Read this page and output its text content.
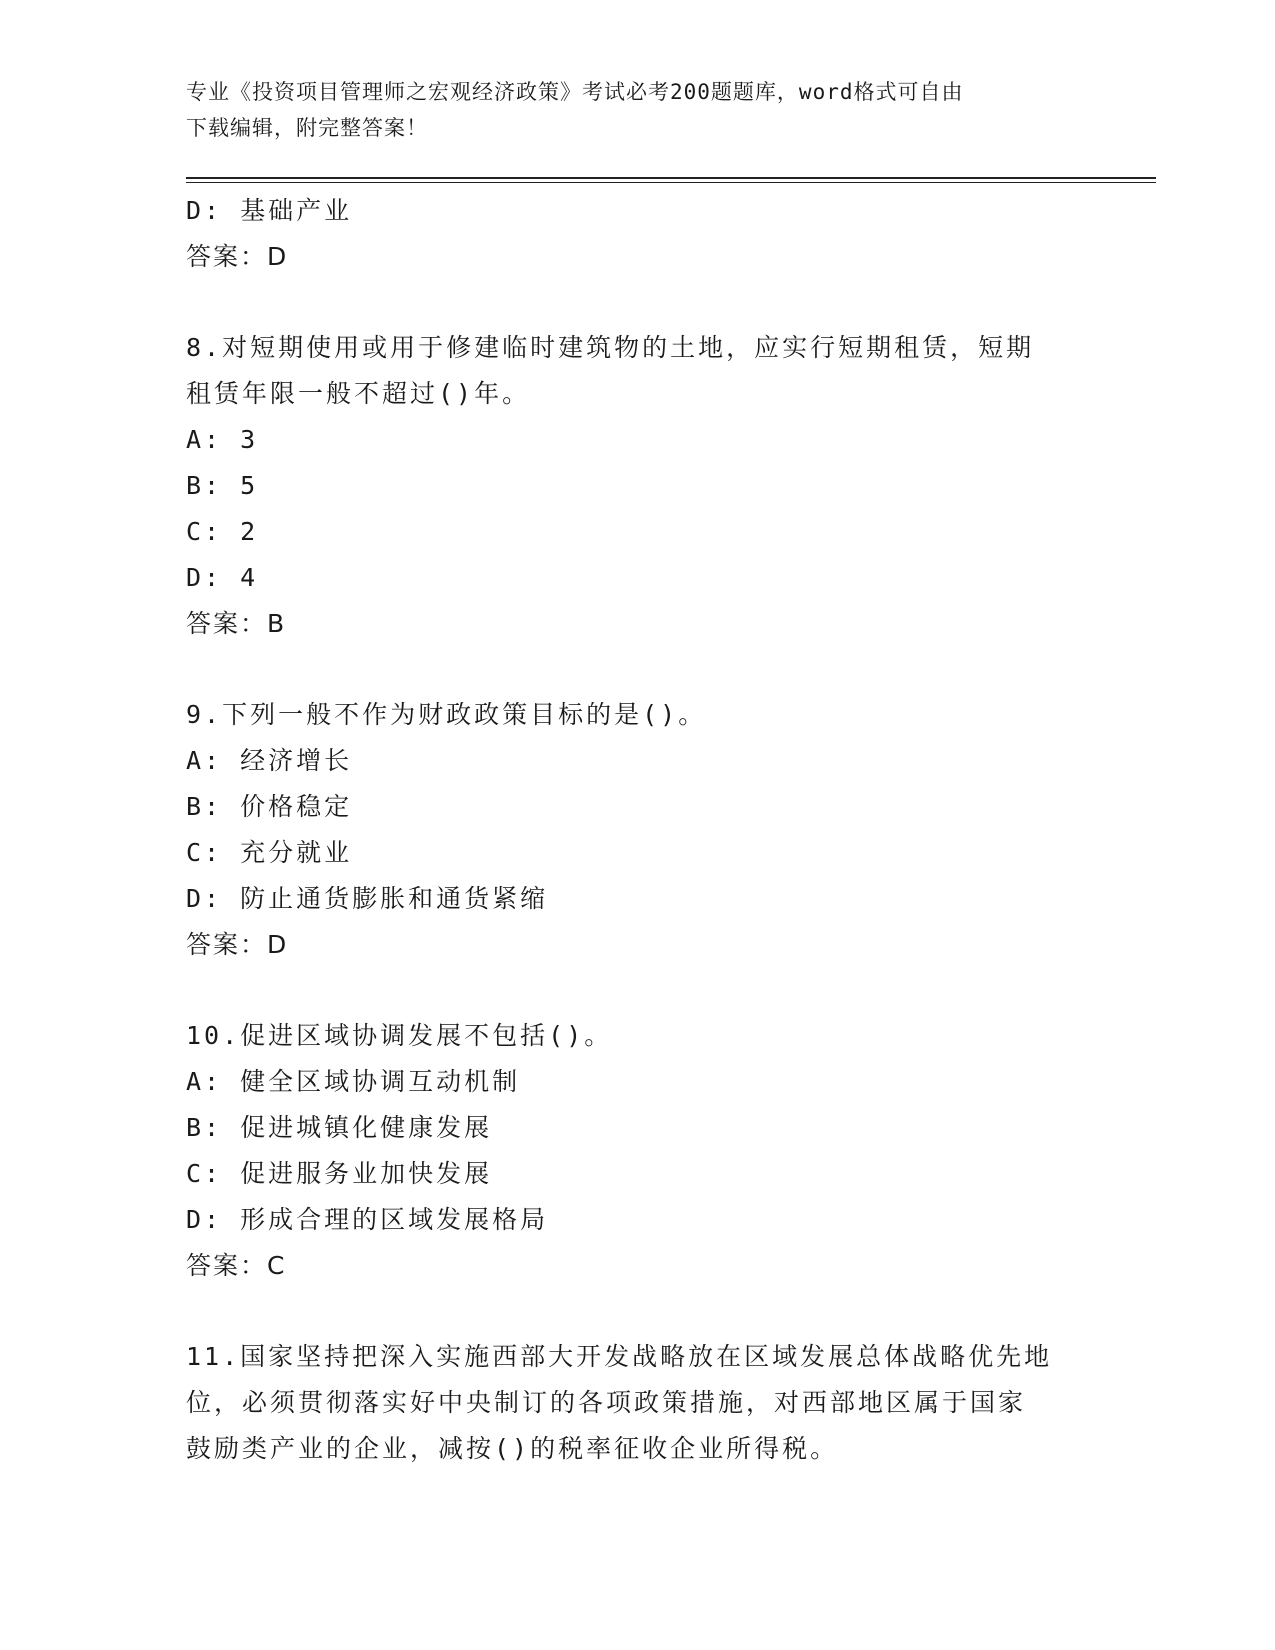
专业《投资项目管理师之宏观经济政策》考试必考200题题库，word格式可自由
下载编辑，附完整答案！
D: 基础产业
答案：D
8.对短期使用或用于修建临时建筑物的土地，应实行短期租赁，短期
租赁年限一般不超过()年。
A: 3
B: 5
C: 2
D: 4
答案：B
9.下列一般不作为财政政策目标的是()。
A: 经济增长
B: 价格稳定
C: 充分就业
D: 防止通货膨胀和通货紧缩
答案：D
10.促进区域协调发展不包括()。
A: 健全区域协调互动机制
B: 促进城镇化健康发展
C: 促进服务业加快发展
D: 形成合理的区域发展格局
答案：C
11.国家坚持把深入实施西部大开发战略放在区域发展总体战略优先地
位，必须贯彻落实好中央制订的各项政策措施，对西部地区属于国家
鼓励类产业的企业，减按()的税率征收企业所得税。
